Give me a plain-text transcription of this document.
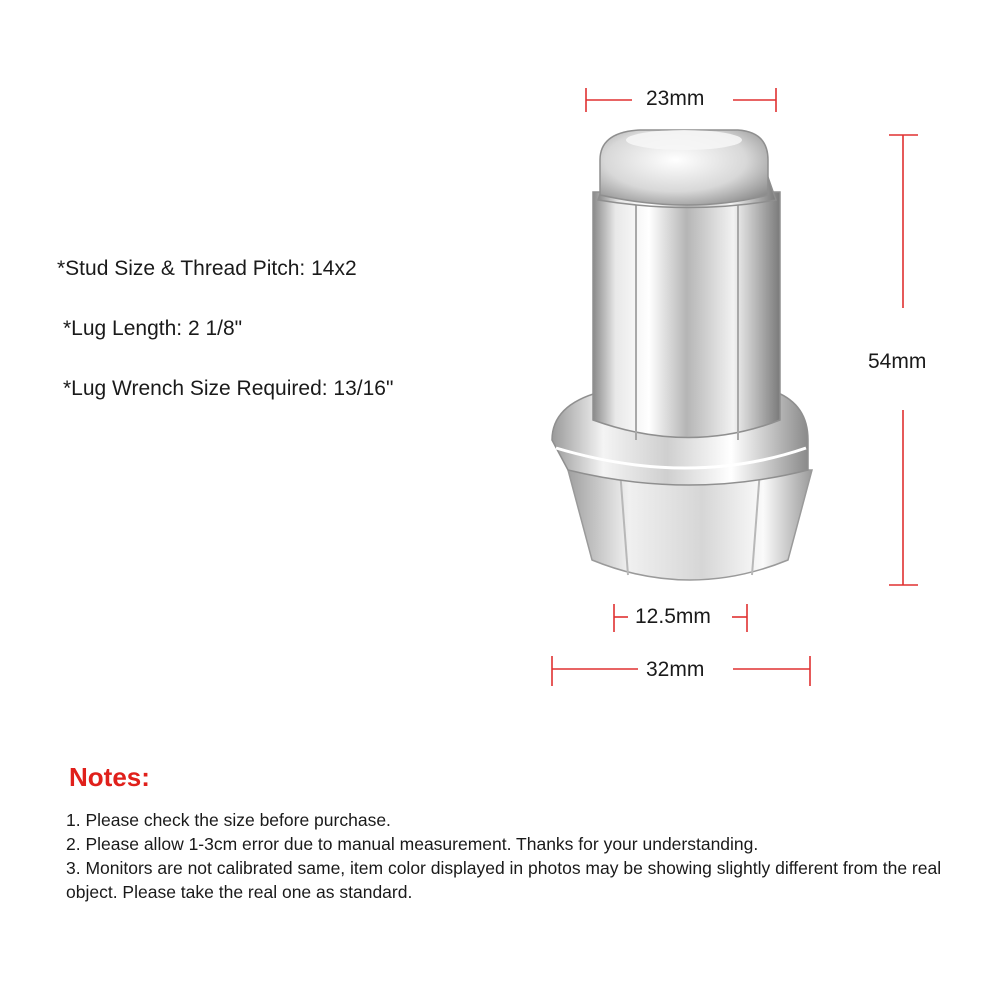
*Stud Size & Thread Pitch: 14x2
*Lug Length: 2 1/8"
*Lug Wrench Size Required: 13/16"
23mm
54mm
12.5mm
32mm
Notes:
1. Please check the size before purchase.
2. Please allow 1-3cm error due to manual measurement. Thanks for your understanding.
3. Monitors are not calibrated same, item color displayed in photos may be showing slightly different from the real object. Please take the real one as standard.
